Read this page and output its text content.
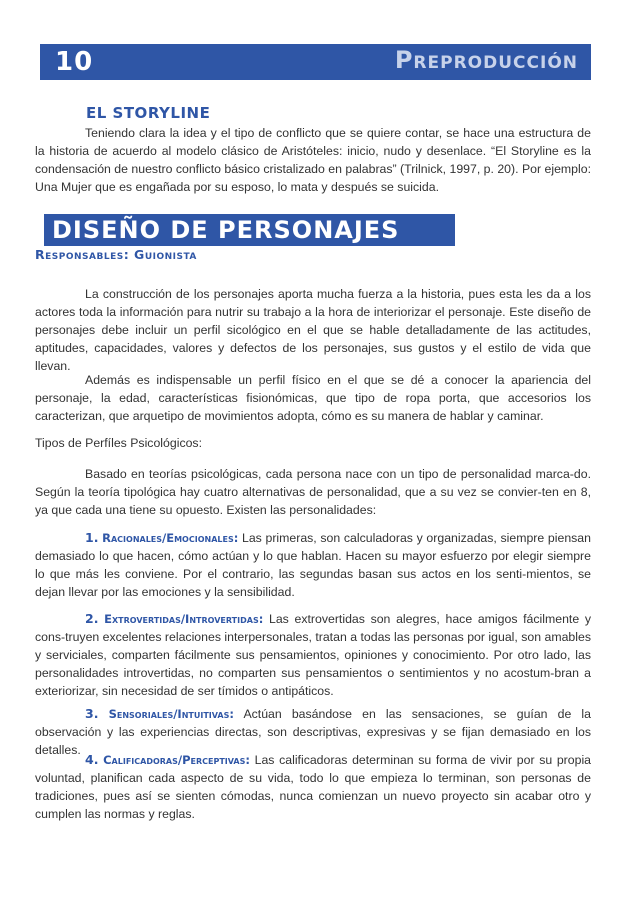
10	Preproducción
EL STORYLINE

Teniendo clara la idea y el tipo de conflicto que se quiere contar, se hace una estructura de la historia de acuerdo al modelo clásico de Aristóteles: inicio, nudo y desenlace. “El Storyline es la condensación de nuestro conflicto básico cristalizado en palabras” (Trilnick, 1997, p. 20). Por ejemplo: Una Mujer que es engañada por su esposo, lo mata y después se suicida.

DISEÑO DE PERSONAJES
Responsables: Guionista

La construcción de los personajes aporta mucha fuerza a la historia, pues esta les da a los actores toda la información para nutrir su trabajo a la hora de interiorizar el personaje. Este diseño de personajes debe incluir un perfil sicológico en el que se hable detalladamente de las actitudes, aptitudes, capacidades, valores y defectos de los personajes, sus gustos y el estilo de vida que llevan.

Además es indispensable un perfil físico en el que se dé a conocer la apariencia del personaje, la edad, características fisionómicas, que tipo de ropa porta, que accesorios los caracterizan, que arquetipo de movimientos adopta, cómo es su manera de hablar y caminar.

Tipos de Perfíles Psicológicos:

Basado en teorías psicológicas, cada persona nace con un tipo de personalidad marca-do. Según la teoría tipológica hay cuatro alternativas de personalidad, que a su vez se convier-ten en 8, ya que cada una tiene su opuesto. Existen las personalidades:

1. Racionales/Emocionales: Las primeras, son calculadoras y organizadas, siempre piensan demasiado lo que hacen, cómo actúan y lo que hablan. Hacen su mayor esfuerzo por elegir siempre lo que más les conviene. Por el contrario, las segundas basan sus actos en los senti-mientos, se dejan llevar por las emociones y la sensibilidad.

2. Extrovertidas/Introvertidas: Las extrovertidas son alegres, hace amigos fácilmente y cons-truyen excelentes relaciones interpersonales, tratan a todas las personas por igual, son amables y serviciales, comparten fácilmente sus pensamientos, opiniones y conocimiento. Por otro lado, las personalidades introvertidas, no comparten sus pensamientos o sentimientos y no acostum-bran a exteriorizar, sin necesidad de ser tímidos o antipáticos.

3. Sensoriales/Intuitivas: Actúan basándose en las sensaciones, se guían de la observación y las experiencias directas, son descriptivas, expresivas y se fijan demasiado en los detalles.

4. Calificadoras/Perceptivas: Las calificadoras determinan su forma de vivir por su propia voluntad, planifican cada aspecto de su vida, todo lo que empieza lo terminan, son personas de tradiciones, pues así se sienten cómodas, nunca comienzan un nuevo proyecto sin acabar otro y cumplen las normas y reglas.
